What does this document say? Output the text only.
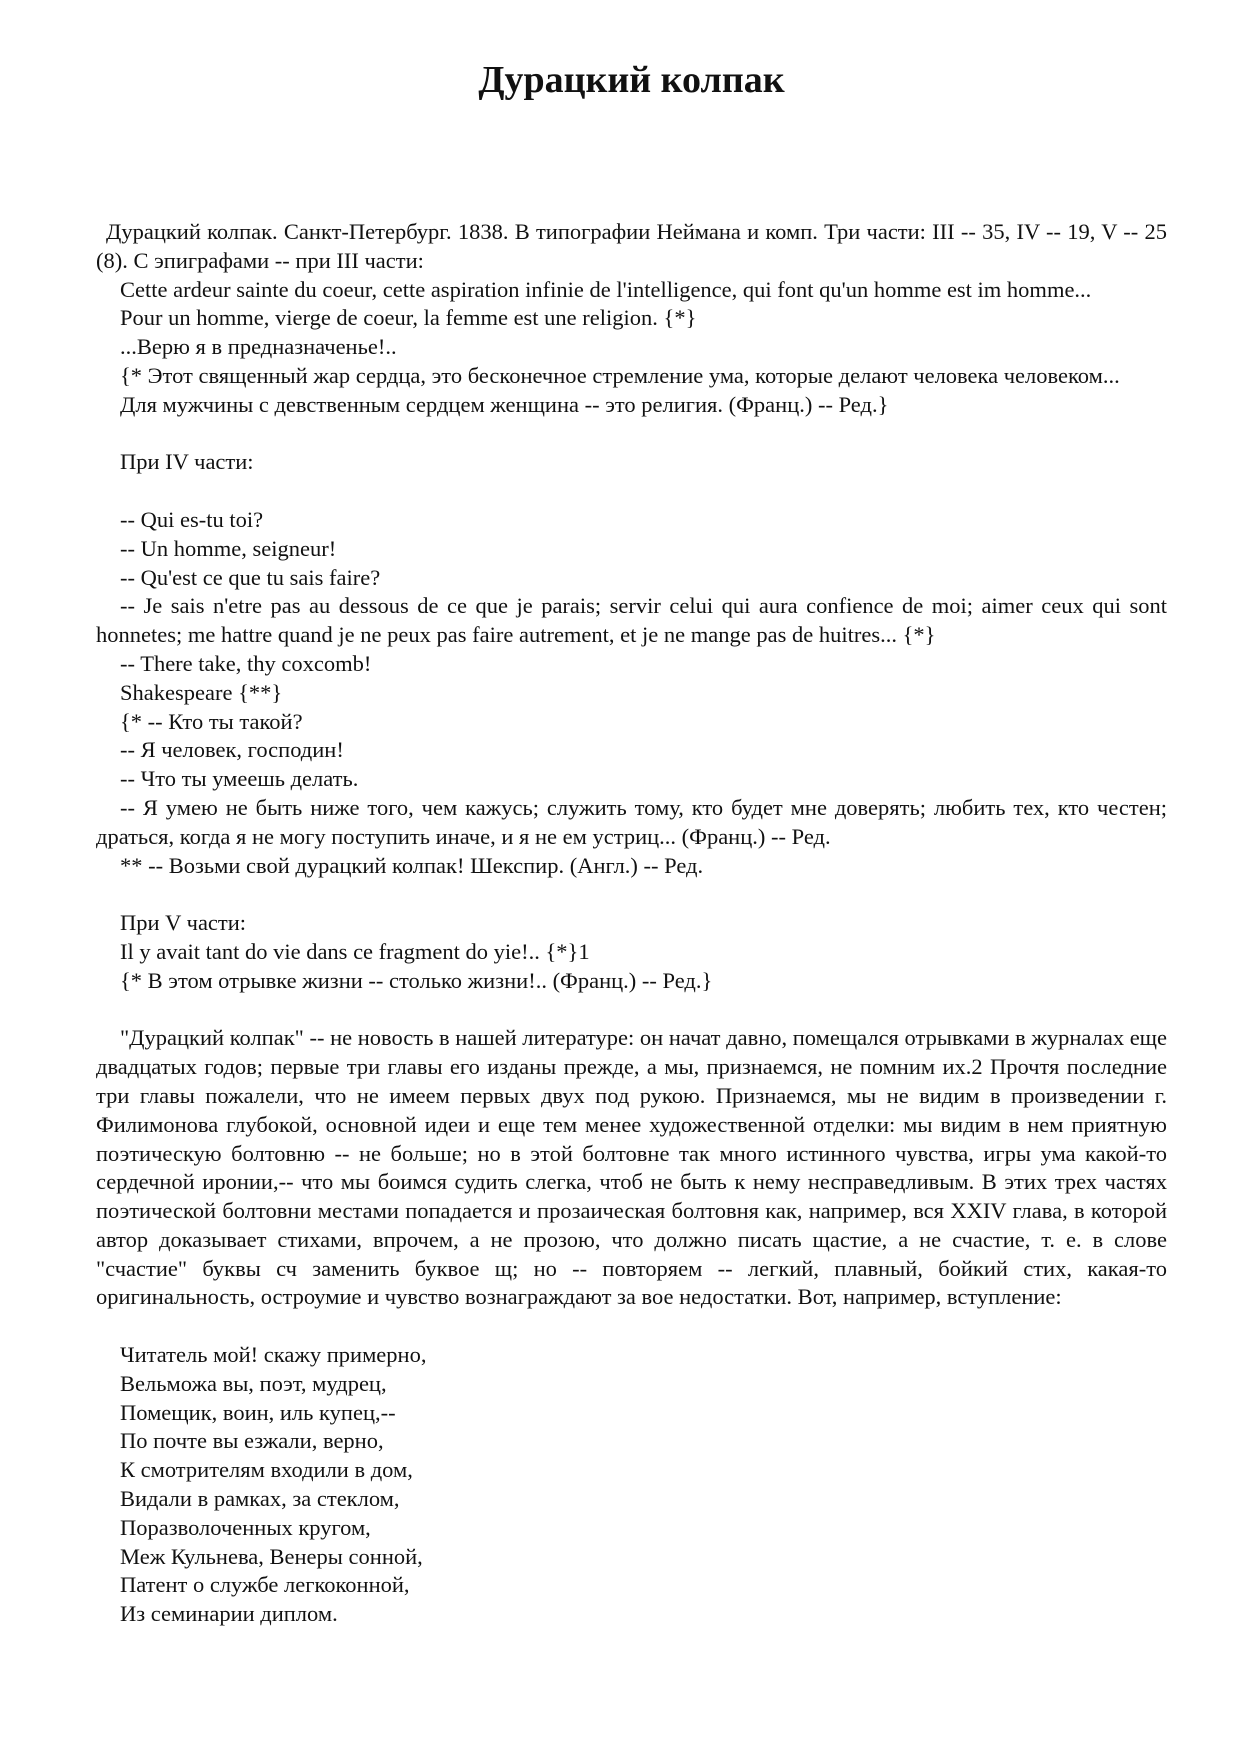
Дурацкий колпак

Дурацкий колпак. Санкт-Петербург. 1838. В типографии Неймана и комп. Три части: III -- 35, IV -- 19, V -- 25 (8). С эпиграфами -- при III части:

Cette ardeur sainte du coeur, cette aspiration infinie de l'intelligence, qui font qu'un homme est im homme...

Pour un homme, vierge de coeur, la femme est une religion. {*}

...Верю я в предназначенье!..

{* Этот священный жар сердца, это бесконечное стремление ума, которые делают человека человеком...

Для мужчины с девственным сердцем женщина -- это религия. (Франц.) -- Ред.}

При IV части:

-- Qui es-tu toi?

-- Un homme, seigneur!

-- Qu'est ce que tu sais faire?

-- Je sais n'etre pas au dessous de ce que je parais; servir celui qui aura confience de moi; aimer ceux qui sont honnetes; me hattre quand je ne peux pas faire autrement, et je ne mange pas de huitres... {*}

-- There take, thy coxcomb!

Shakespeare {**}

{* -- Кто ты такой?

-- Я человек, господин!

-- Что ты умеешь делать.

-- Я умею не быть ниже того, чем кажусь; служить тому, кто будет мне доверять; любить тех, кто честен; драться, когда я не могу поступить иначе, и я не ем устриц... (Франц.) -- Ред.

** -- Возьми свой дурацкий колпак! Шекспир. (Англ.) -- Ред.

При V части:

Il y avait tant do vie dans ce fragment do yie!.. {*}1

{* В этом отрывке жизни -- столько жизни!.. (Франц.) -- Ред.}

"Дурацкий колпак" -- не новость в нашей литературе: он начат давно, помещался отрывками в журналах еще двадцатых годов; первые три главы его изданы прежде, а мы, признаемся, не помним их.2 Прочтя последние три главы пожалели, что не имеем первых двух под рукою. Признаемся, мы не видим в произведении г. Филимонова глубокой, основной идеи и еще тем менее художественной отделки: мы видим в нем приятную поэтическую болтовню -- не больше; но в этой болтовне так много истинного чувства, игры ума какой-то сердечной иронии,-- что мы боимся судить слегка, чтоб не быть к нему несправедливым. В этих трех частях поэтической болтовни местами попадается и прозаическая болтовня как, например, вся XXIV глава, в которой автор доказывает стихами, впрочем, а не прозою, что должно писать щастие, а не счастие, т. е. в слове "счастие" буквы сч заменить буквое щ; но -- повторяем -- легкий, плавный, бойкий стих, какая-то оригинальность, остроумие и чувство вознаграждают за вое недостатки. Вот, например, вступление:

Читатель мой! скажу примерно,

Вельможа вы, поэт, мудрец,

Помещик, воин, иль купец,--

По почте вы езжали, верно,

К смотрителям входили в дом,

Видали в рамках, за стеклом,

Поразволоченных кругом,

Меж Кульнева, Венеры сонной,

Патент о службе легкоконной,

Из семинарии диплом.
